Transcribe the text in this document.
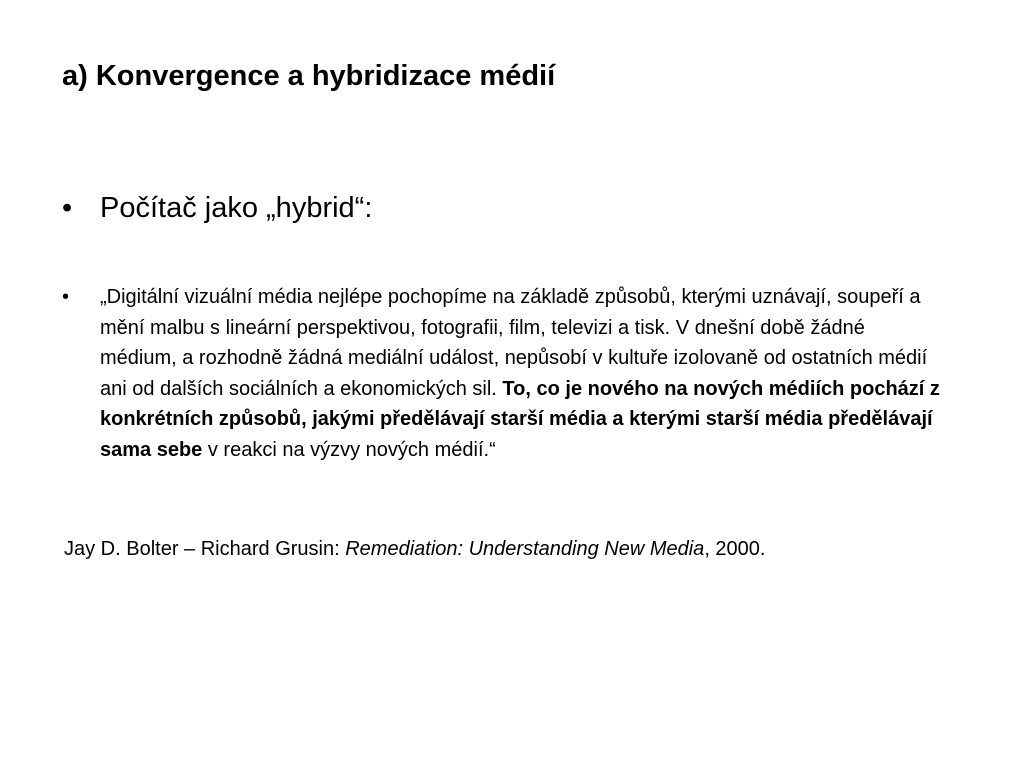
a) Konvergence a hybridizace médií
• Počítač jako „hybrid“:
• „Digitální vizuální média nejlépe pochopíme na základě způsobů, kterými uznávají, soupeří a mění malbu s lineární perspektivou, fotografii, film, televizi a tisk. V dnešní době žádné médium, a rozhodně žádná mediální událost, nepůsobí v kultuře izolovaně od ostatních médií ani od dalších sociálních a ekonomických sil. To, co je nového na nových médiích pochází z konkrétních způsobů, jakými předělávají starší média a kterými starší média předělávají sama sebe v reakci na výzvy nových médií.“
Jay D. Bolter – Richard Grusin: Remediation: Understanding New Media, 2000.
